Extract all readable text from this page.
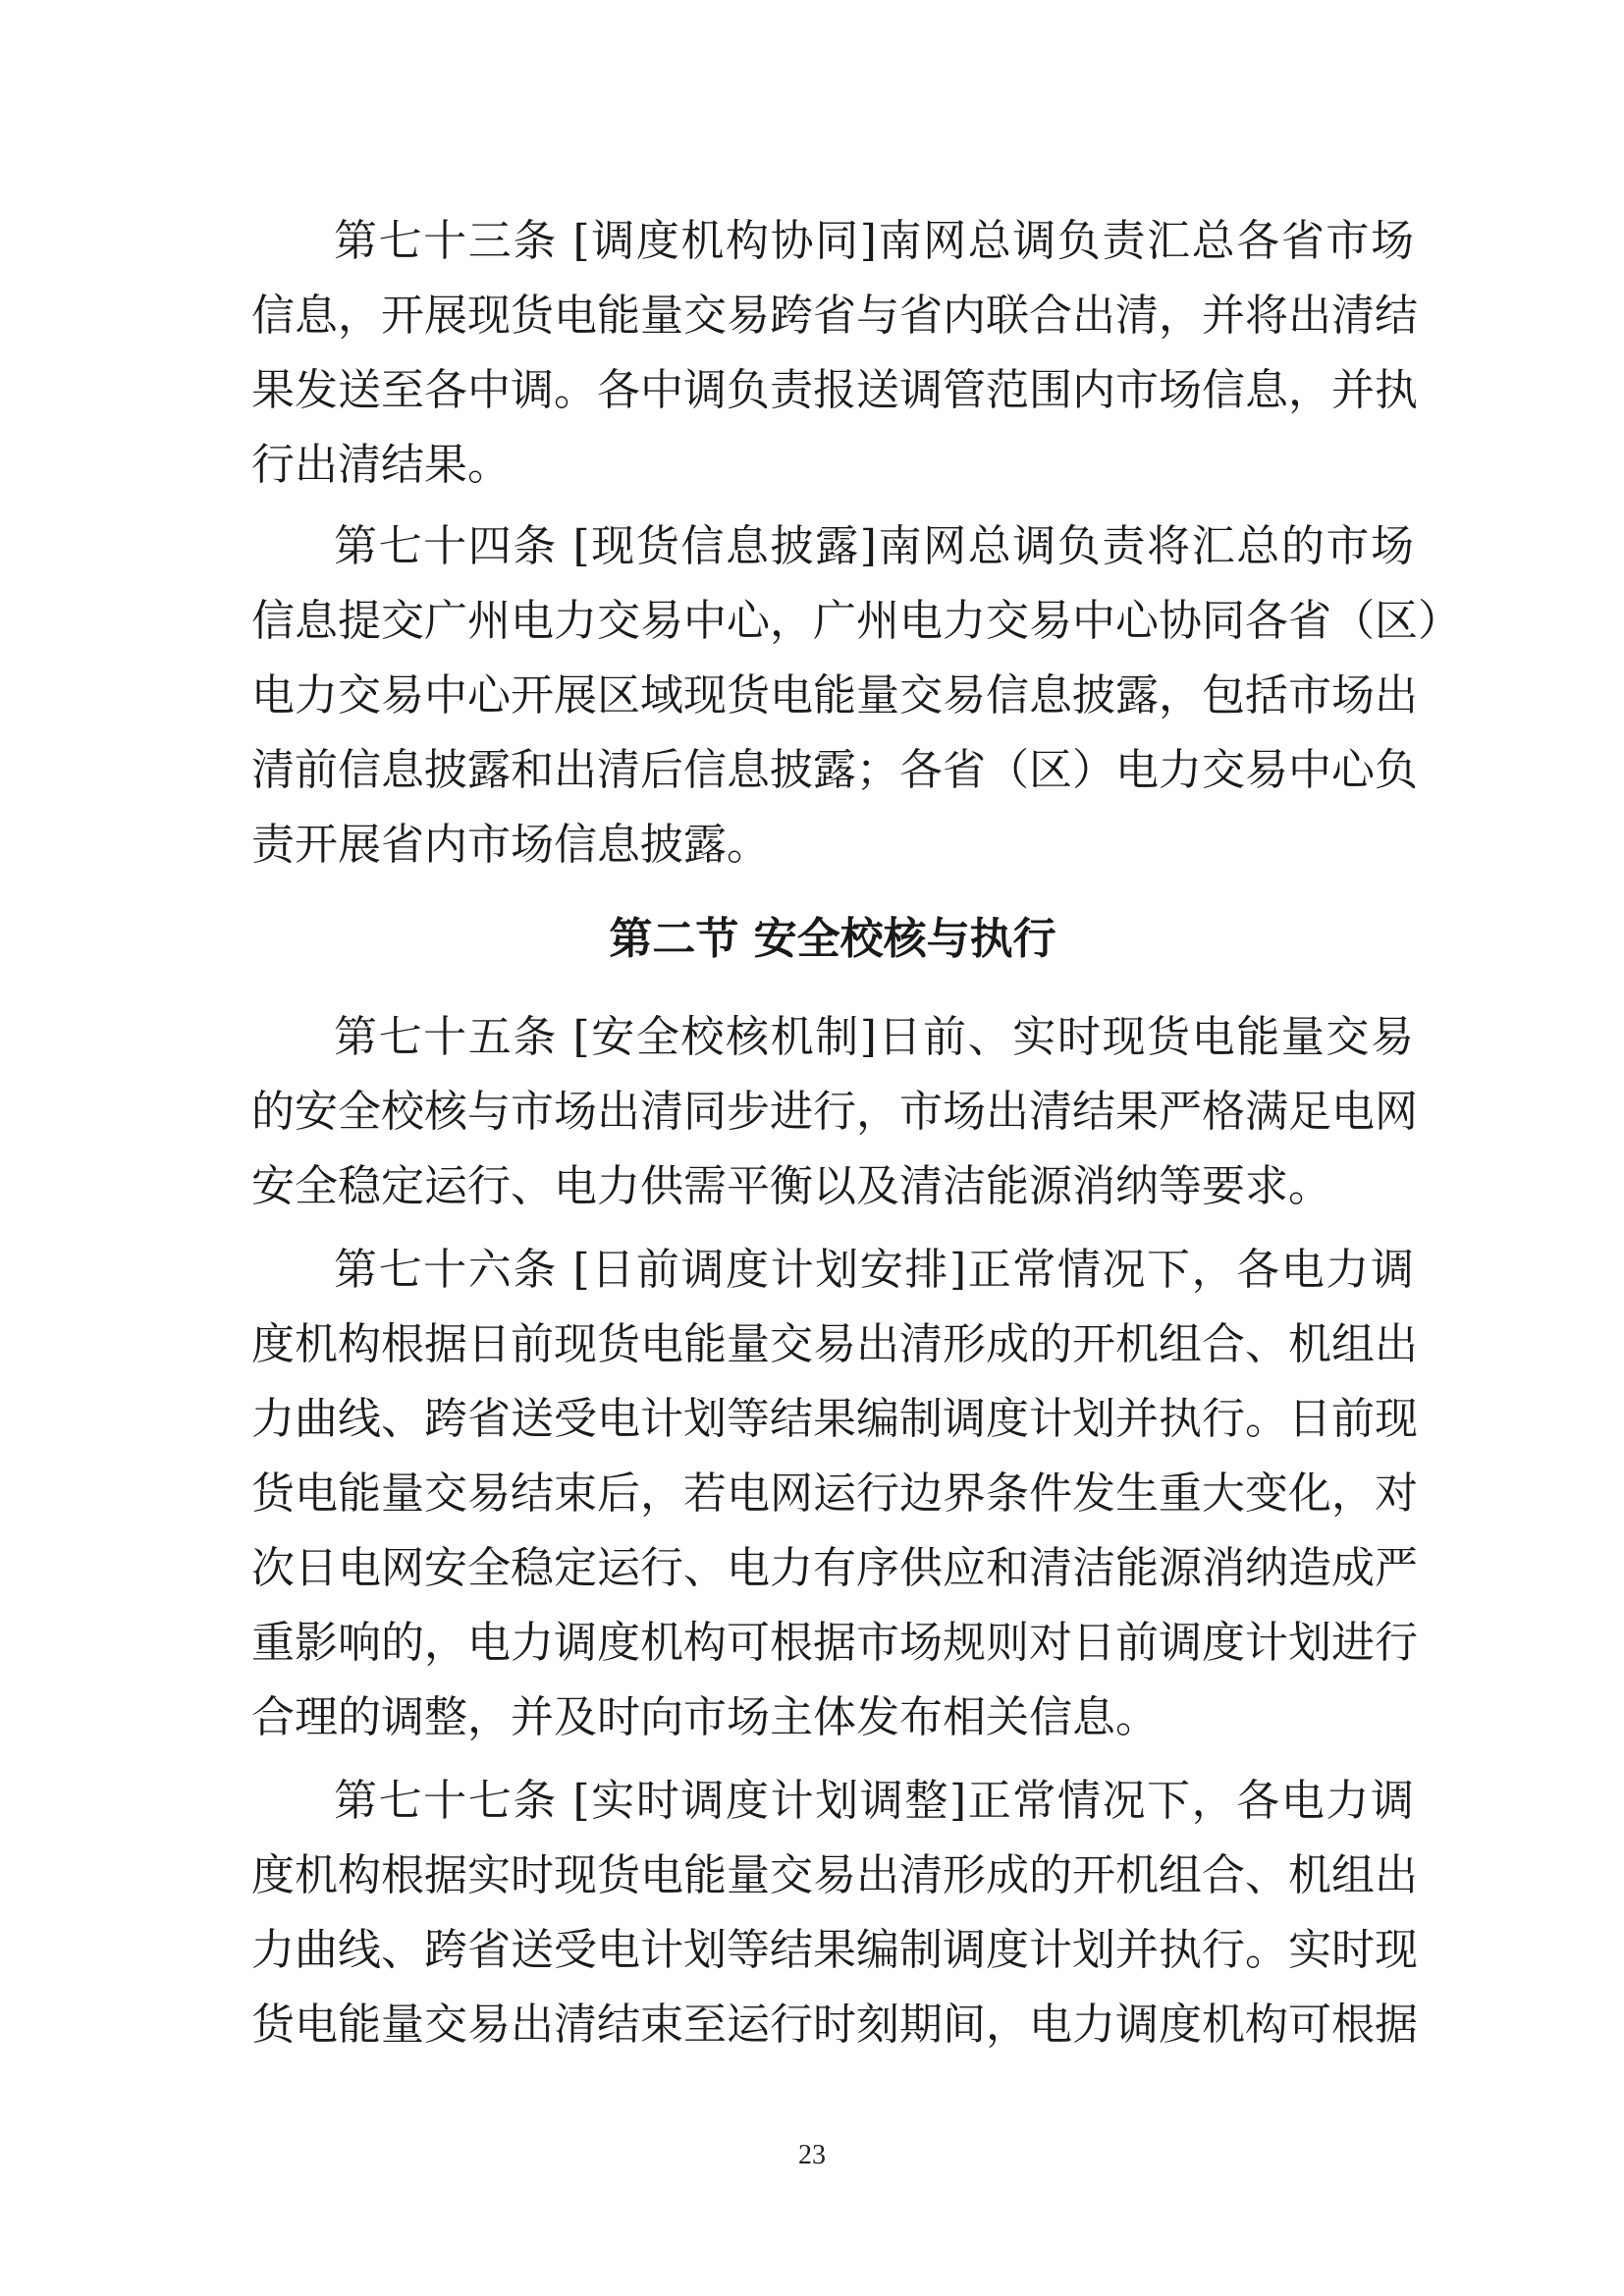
第七十三条 [调度机构协同]南网总调负责汇总各省市场
信息，开展现货电能量交易跨省与省内联合出清，并将出清结
果发送至各中调。各中调负责报送调管范围内市场信息，并执
行出清结果。
第七十四条 [现货信息披露]南网总调负责将汇总的市场
信息提交广州电力交易中心，广州电力交易中心协同各省（区）
电力交易中心开展区域现货电能量交易信息披露，包括市场出
清前信息披露和出清后信息披露；各省（区）电力交易中心负
责开展省内市场信息披露。
第二节 安全校核与执行
第七十五条 [安全校核机制]日前、实时现货电能量交易
的安全校核与市场出清同步进行，市场出清结果严格满足电网
安全稳定运行、电力供需平衡以及清洁能源消纳等要求。
第七十六条 [日前调度计划安排]正常情况下，各电力调
度机构根据日前现货电能量交易出清形成的开机组合、机组出
力曲线、跨省送受电计划等结果编制调度计划并执行。日前现
货电能量交易结束后，若电网运行边界条件发生重大变化，对
次日电网安全稳定运行、电力有序供应和清洁能源消纳造成严
重影响的，电力调度机构可根据市场规则对日前调度计划进行
合理的调整，并及时向市场主体发布相关信息。
第七十七条 [实时调度计划调整]正常情况下，各电力调
度机构根据实时现货电能量交易出清形成的开机组合、机组出
力曲线、跨省送受电计划等结果编制调度计划并执行。实时现
货电能量交易出清结束至运行时刻期间，电力调度机构可根据
23
